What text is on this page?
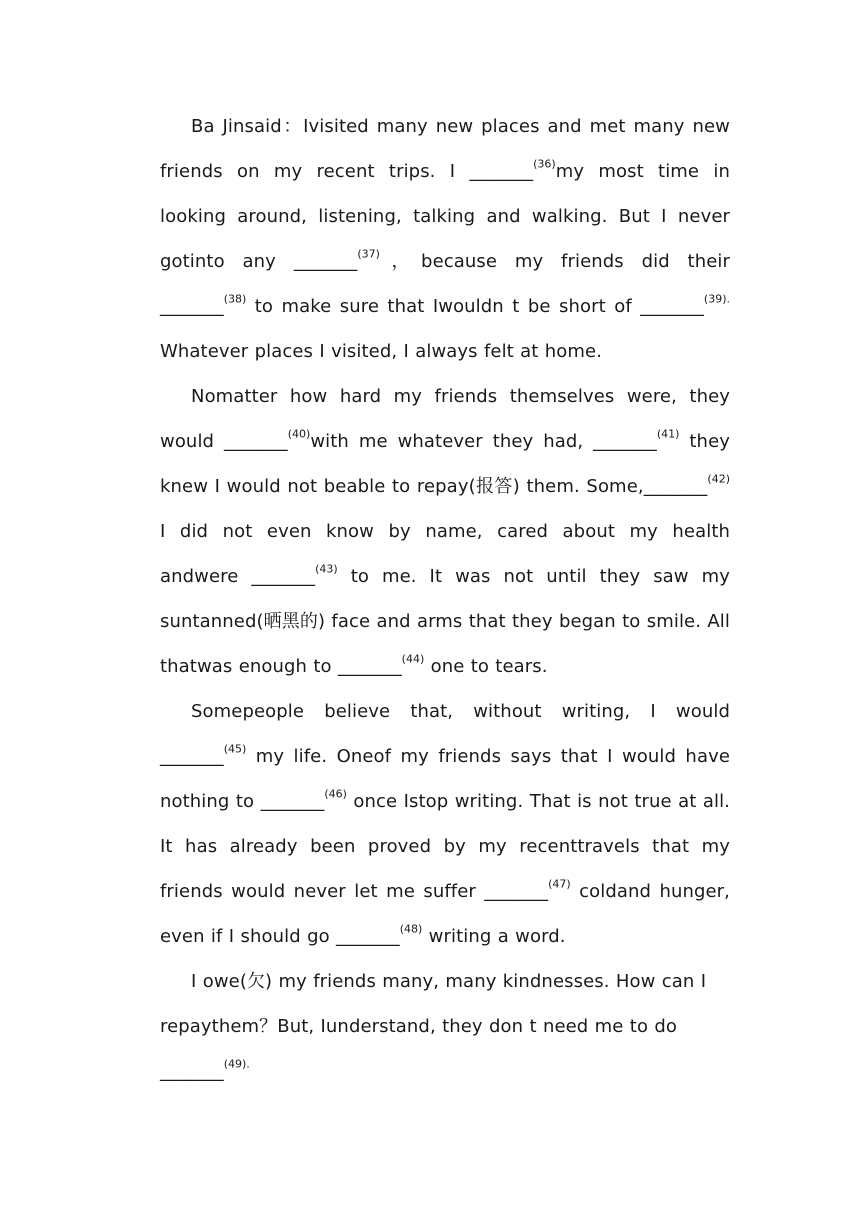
Ba Jinsaid：Ivisited many new places and met many new friends on my recent trips. I _______$^{(36)}$my most time in looking around, listening, talking and walking. But I never gotinto any _______$^{(37)}$，because my friends did their _______$^{(38)}$ to make sure that Iwouldn t be short of _______$^{(39).}$ Whatever places I visited, I always felt at home.

Nomatter how hard my friends themselves were, they would _______$^{(40)}$with me whatever they had, _______$^{(41)}$ they knew I would not beable to repay(报答) them. Some,_______$^{(42)}$ I did not even know by name, cared about my health andwere _______$^{(43)}$ to me. It was not until they saw my suntanned(晒黑的) face and arms that they began to smile. All thatwas enough to _______$^{(44)}$ one to tears.

Somepeople believe that, without writing, I would _______$^{(45)}$ my life. Oneof my friends says that I would have nothing to _______$^{(46)}$ once Istop writing. That is not true at all. It has already been proved by my recenttravels that my friends would never let me suffer _______$^{(47)}$ coldand hunger, even if I should go _______$^{(48)}$ writing a word.

I owe(欠) my friends many, many kindnesses. How can I repaythem？But, Iunderstand, they don t need me to do _______$^{(49).}$
